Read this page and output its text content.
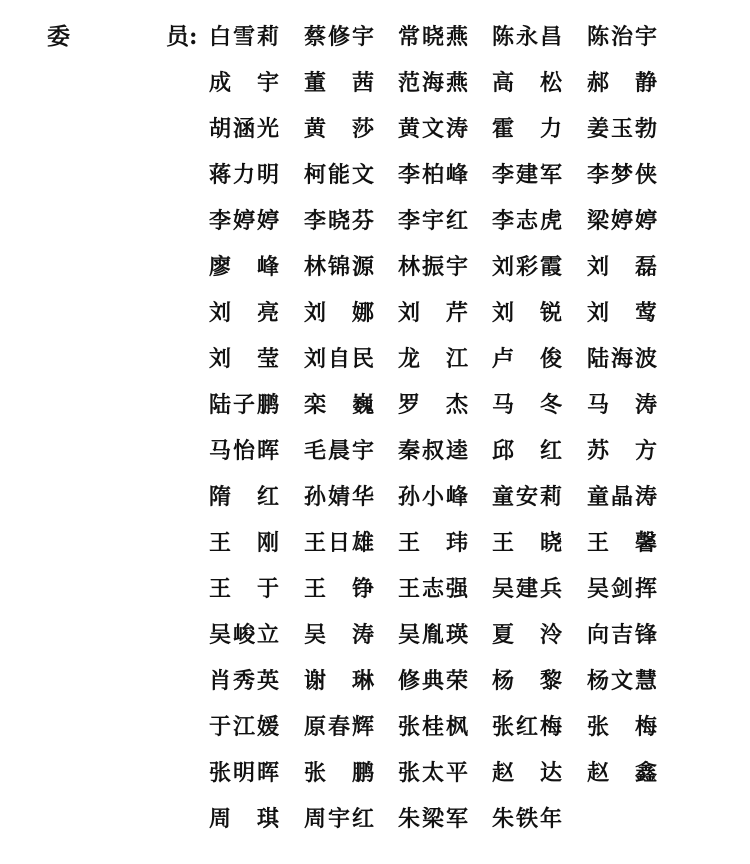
委	员: 白 雪 莉 蔡 修 宇 常 晓 燕 陈 永 昌 陈 治 宇
成 宇 董 茜 范 海 燕 高 松 郝 静
胡 涵 光 黄 莎 黄 文 涛 霍 力 姜 玉 勃
蒋 力 明 柯 能 文 李 柏 峰 李 建 军 李 梦 侠
李 婷 婷 李 晓 芬 李 宇 红 李 志 虎 梁 婷 婷
廖 峰 林 锦 源 林 振 宇 刘 彩 霞 刘 磊
刘 亮 刘 娜 刘 芹 刘 锐 刘 莺
刘 莹 刘 自 民 龙 江 卢 俊 陆 海 波
陆 子 鹏 栾 巍 罗 杰 马 冬 马 涛
马 怡 晖 毛 晨 宇 秦 叔 逵 邱 红 苏 方
隋 红 孙 婧 华 孙 小 峰 童 安 莉 童 晶 涛
王 刚 王 日 雄 王 玮 王 晓 王 馨
王 于 王 铮 王 志 强 吴 建 兵 吴 剑 挥
吴 峻 立 吴 涛 吴 胤 瑛 夏 泠 向 吉 锋
肖 秀 英 谢 琳 修 典 荣 杨 黎 杨 文 慧
于 江 媛 原 春 辉 张 桂 枫 张 红 梅 张 梅
张 明 晖 张 鹏 张 太 平 赵 达 赵 鑫
周 琪 周 宇 红 朱 梁 军 朱 铁 年
